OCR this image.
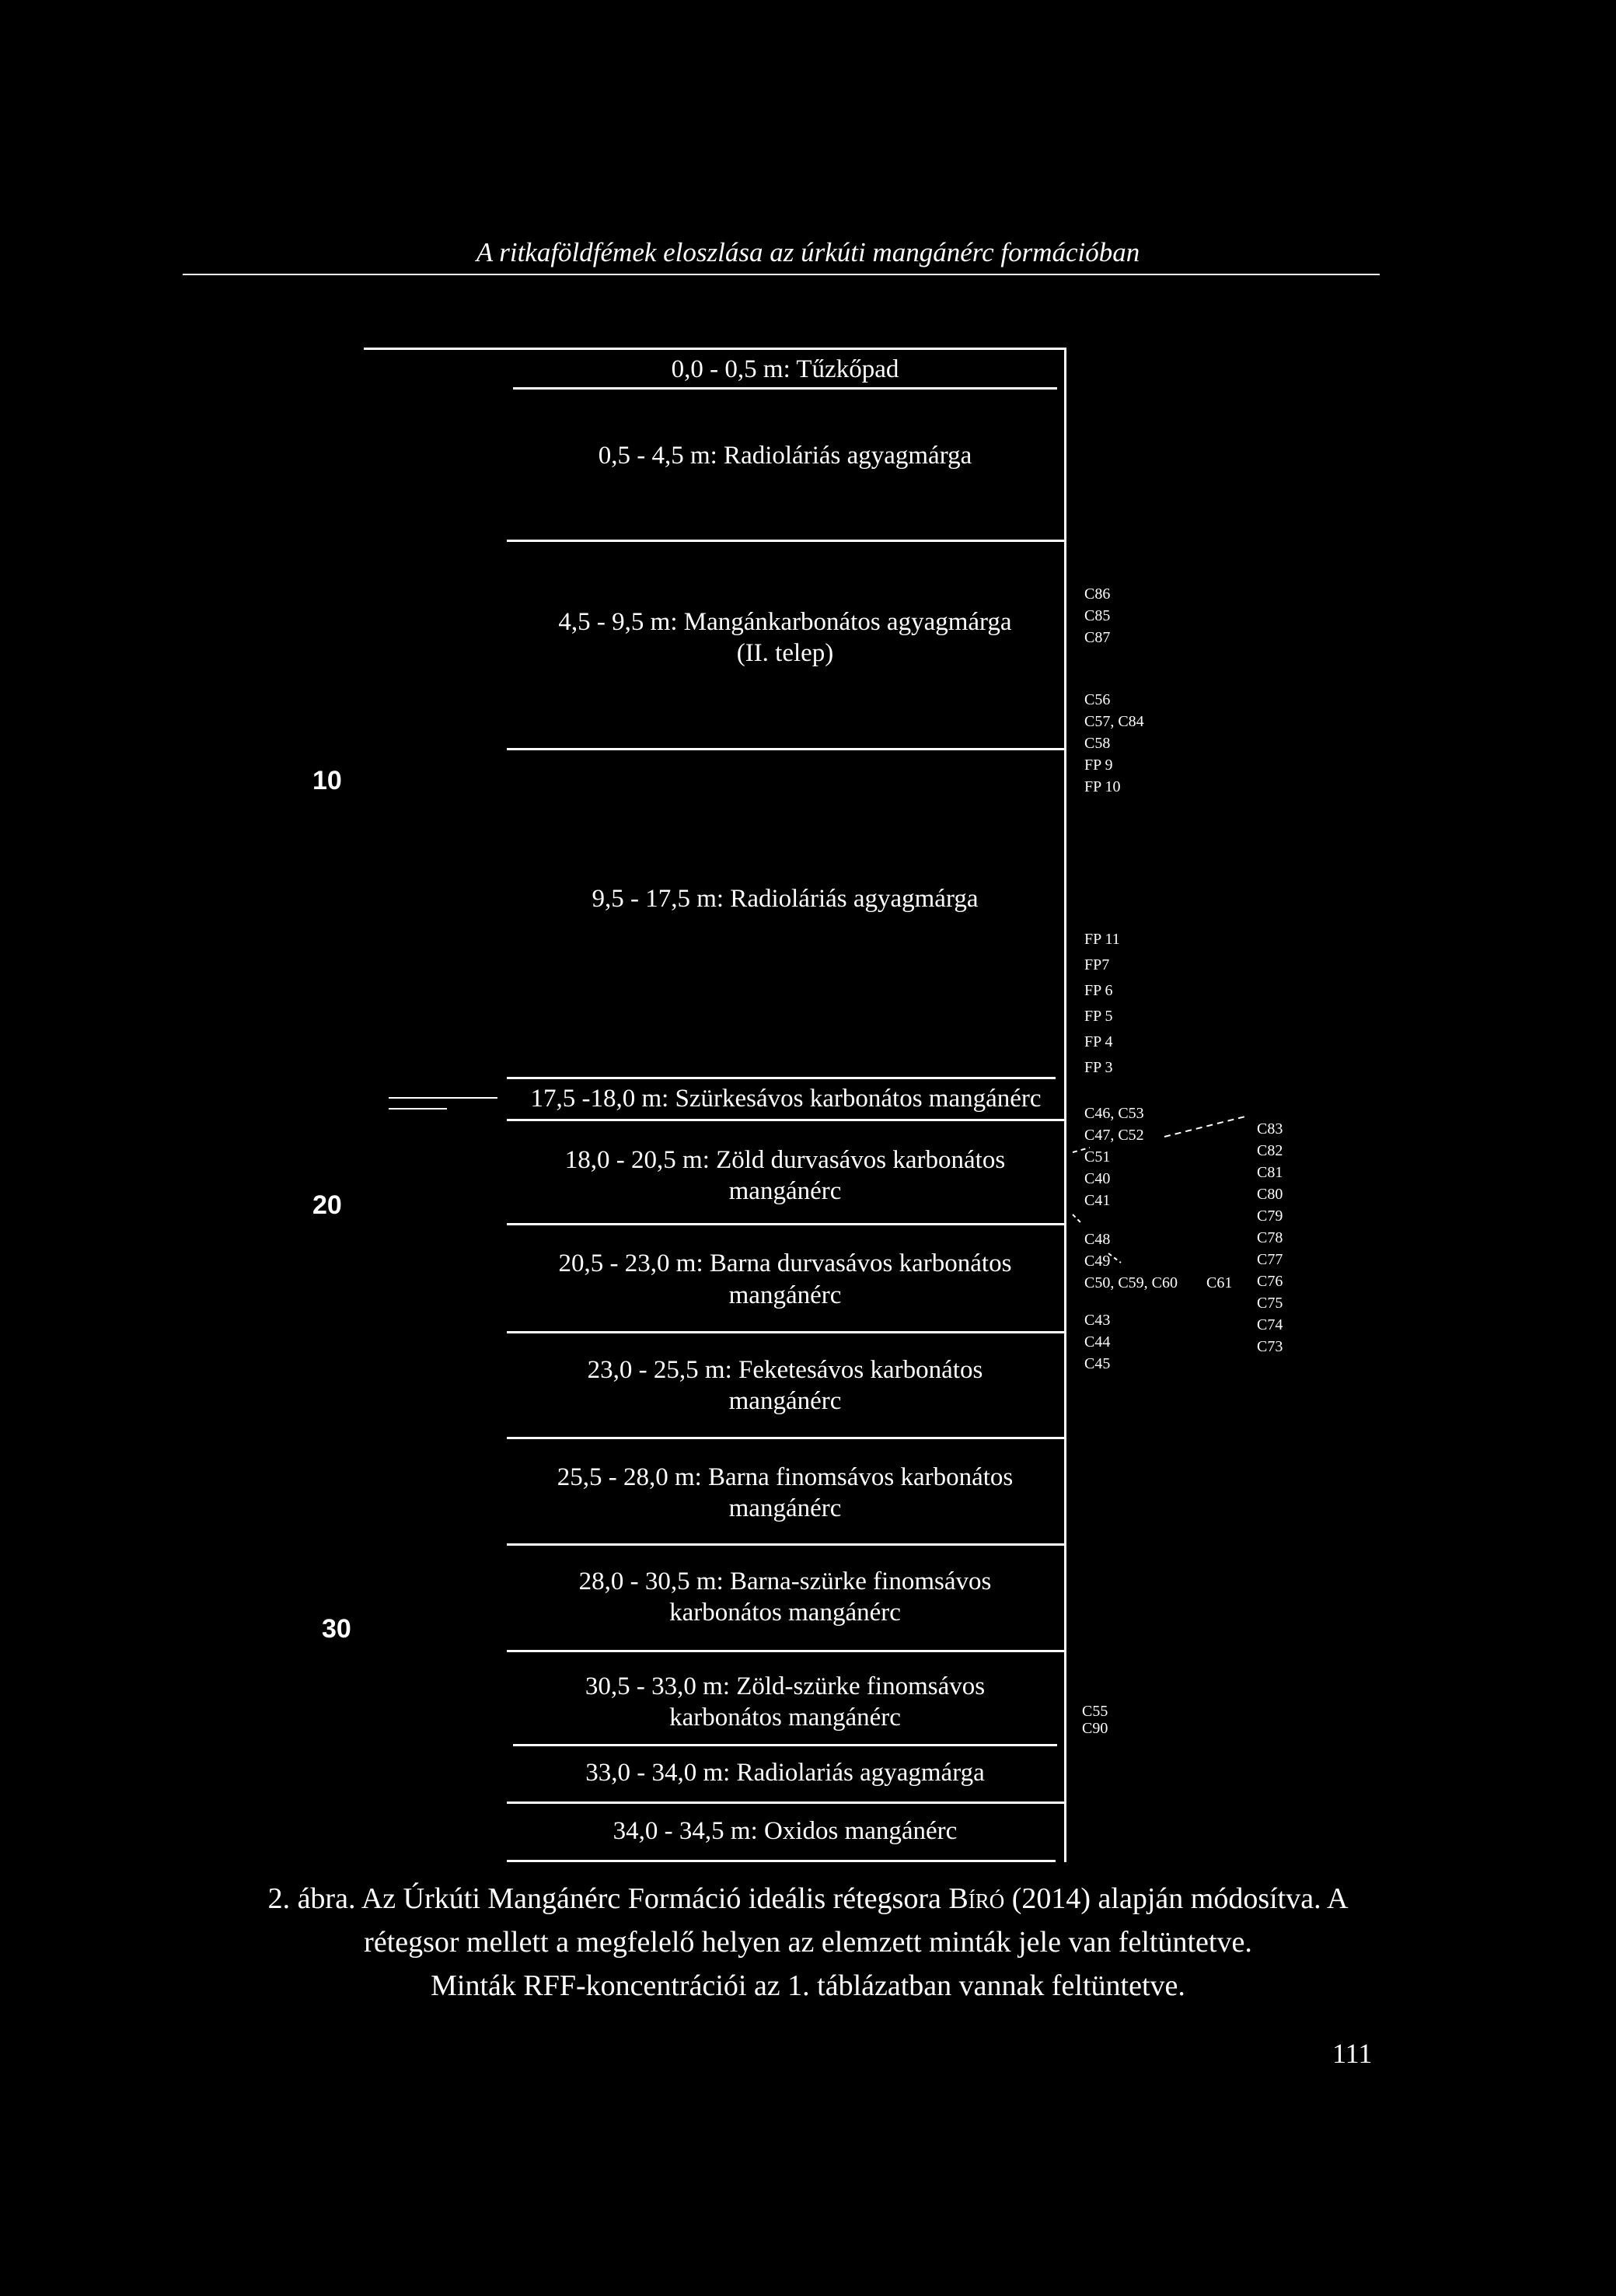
A ritkaföldfémek eloszlása az úrkúti mangánérc formációban
0,0 - 0,5 m: Tűzkőpad
0,5 - 4,5 m: Radioláriás agyagmárga
4,5 - 9,5 m: Mangánkarbonátos agyagmárga
(II. telep)
9,5 - 17,5 m: Radioláriás agyagmárga
17,5 -18,0 m: Szürkesávos karbonátos mangánérc
18,0 - 20,5 m: Zöld durvasávos karbonátos
mangánérc
20,5 - 23,0 m: Barna durvasávos karbonátos
mangánérc
23,0 - 25,5 m: Feketesávos karbonátos
mangánérc
25,5 - 28,0 m: Barna finomsávos karbonátos
mangánérc
28,0 - 30,5 m: Barna-szürke finomsávos
karbonátos mangánérc
30,5 - 33,0 m: Zöld-szürke finomsávos
karbonátos mangánérc
33,0 - 34,0 m: Radiolariás agyagmárga
34,0 - 34,5 m: Oxidos mangánérc
10
20
30
C86
C85
C87
C56
C57, C84
C58
FP 9
FP 10
FP 11
FP7
FP 6
FP 5
FP 4
FP 3
C46, C53
C47, C52
C51
C40
C41
C48
C49
C50, C59, C60 C61
C43
C44
C45
C83
C82
C81
C80
C79
C78
C77
C76
C75
C74
C73
C55
C90
2. ábra. Az Úrkúti Mangánérc Formáció ideális rétegsora Bíró (2014) alapján módosítva. A
rétegsor mellett a megfelelő helyen az elemzett minták jele van feltüntetve.
Minták RFF-koncentrációi az 1. táblázatban vannak feltüntetve.
111
